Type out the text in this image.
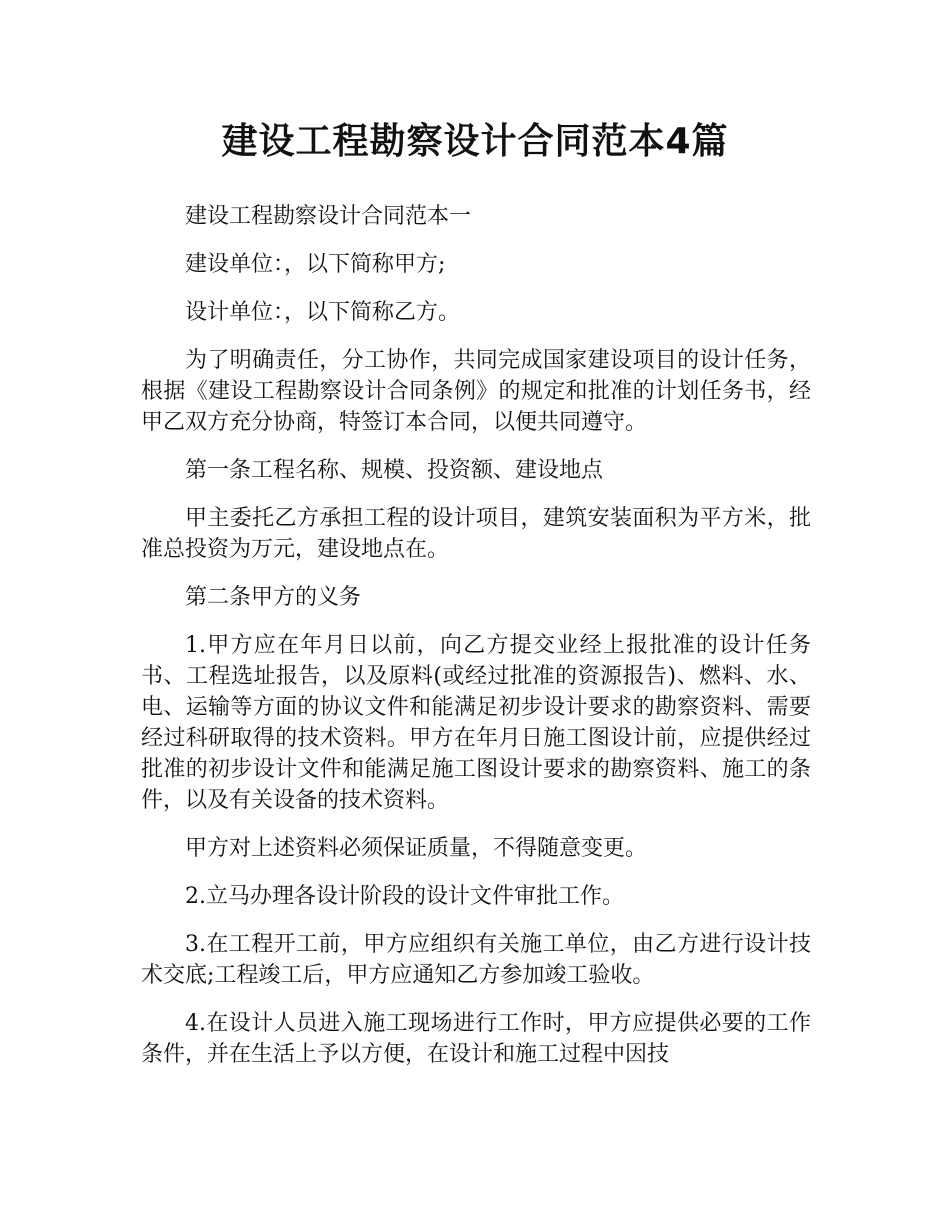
建设工程勘察设计合同范本4篇

建设工程勘察设计合同范本一

建设单位：，以下简称甲方;

设计单位：，以下简称乙方。

为了明确责任，分工协作，共同完成国家建设项目的设计任务，根据《建设工程勘察设计合同条例》的规定和批准的计划任务书，经甲乙双方充分协商，特签订本合同，以便共同遵守。

第一条工程名称、规模、投资额、建设地点

甲主委托乙方承担工程的设计项目，建筑安装面积为平方米，批准总投资为万元，建设地点在。

第二条甲方的义务

1.甲方应在年月日以前，向乙方提交业经上报批准的设计任务书、工程选址报告，以及原料(或经过批准的资源报告)、燃料、水、电、运输等方面的协议文件和能满足初步设计要求的勘察资料、需要经过科研取得的技术资料。甲方在年月日施工图设计前，应提供经过批准的初步设计文件和能满足施工图设计要求的勘察资料、施工的条件，以及有关设备的技术资料。

甲方对上述资料必须保证质量，不得随意变更。

2.立马办理各设计阶段的设计文件审批工作。

3.在工程开工前，甲方应组织有关施工单位，由乙方进行设计技术交底;工程竣工后，甲方应通知乙方参加竣工验收。

4.在设计人员进入施工现场进行工作时，甲方应提供必要的工作条件，并在生活上予以方便，在设计和施工过程中因技
